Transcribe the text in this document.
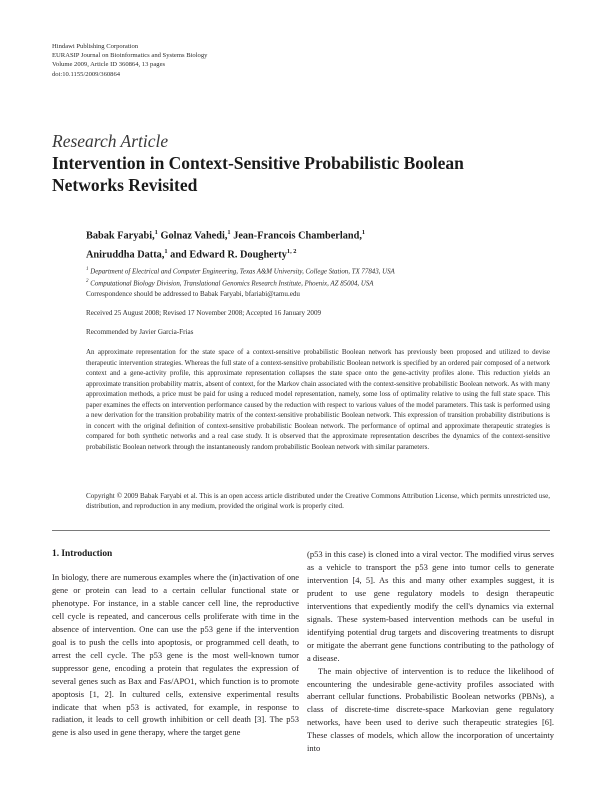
Hindawi Publishing Corporation
EURASIP Journal on Bioinformatics and Systems Biology
Volume 2009, Article ID 360864, 13 pages
doi:10.1155/2009/360864
Research Article
Intervention in Context-Sensitive Probabilistic Boolean Networks Revisited
Babak Faryabi,$^1$ Golnaz Vahedi,$^1$ Jean-Francois Chamberland,$^1$
Aniruddha Datta,$^1$ and Edward R. Dougherty$^{1, 2}$
$^1$ Department of Electrical and Computer Engineering, Texas A&M University, College Station, TX 77843, USA
$^2$ Computational Biology Division, Translational Genomics Research Institute, Phoenix, AZ 85004, USA
Correspondence should be addressed to Babak Faryabi, bfariabi@tamu.edu
Received 25 August 2008; Revised 17 November 2008; Accepted 16 January 2009
Recommended by Javier Garcia-Frias
An approximate representation for the state space of a context-sensitive probabilistic Boolean network has previously been proposed and utilized to devise therapeutic intervention strategies. Whereas the full state of a context-sensitive probabilistic Boolean network is specified by an ordered pair composed of a network context and a gene-activity profile, this approximate representation collapses the state space onto the gene-activity profiles alone. This reduction yields an approximate transition probability matrix, absent of context, for the Markov chain associated with the context-sensitive probabilistic Boolean network. As with many approximation methods, a price must be paid for using a reduced model representation, namely, some loss of optimality relative to using the full state space. This paper examines the effects on intervention performance caused by the reduction with respect to various values of the model parameters. This task is performed using a new derivation for the transition probability matrix of the context-sensitive probabilistic Boolean network. This expression of transition probability distributions is in concert with the original definition of context-sensitive probabilistic Boolean network. The performance of optimal and approximate therapeutic strategies is compared for both synthetic networks and a real case study. It is observed that the approximate representation describes the dynamics of the context-sensitive probabilistic Boolean network through the instantaneously random probabilistic Boolean network with similar parameters.
Copyright © 2009 Babak Faryabi et al. This is an open access article distributed under the Creative Commons Attribution License, which permits unrestricted use, distribution, and reproduction in any medium, provided the original work is properly cited.
1. Introduction

In biology, there are numerous examples where the (in)activation of one gene or protein can lead to a certain cellular functional state or phenotype. For instance, in a stable cancer cell line, the reproductive cell cycle is repeated, and cancerous cells proliferate with time in the absence of intervention. One can use the p53 gene if the intervention goal is to push the cells into apoptosis, or programmed cell death, to arrest the cell cycle. The p53 gene is the most well-known tumor suppressor gene, encoding a protein that regulates the expression of several genes such as Bax and Fas/APO1, which function is to promote apoptosis [1, 2]. In cultured cells, extensive experimental results indicate that when p53 is activated, for example, in response to radiation, it leads to cell growth inhibition or cell death [3]. The p53 gene is also used in gene therapy, where the target gene

(p53 in this case) is cloned into a viral vector. The modified virus serves as a vehicle to transport the p53 gene into tumor cells to generate intervention [4, 5]. As this and many other examples suggest, it is prudent to use gene regulatory models to design therapeutic interventions that expediently modify the cell's dynamics via external signals. These system-based intervention methods can be useful in identifying potential drug targets and discovering treatments to disrupt or mitigate the aberrant gene functions contributing to the pathology of a disease.

The main objective of intervention is to reduce the likelihood of encountering the undesirable gene-activity profiles associated with aberrant cellular functions. Probabilistic Boolean networks (PBNs), a class of discrete-time discrete-space Markovian gene regulatory networks, have been used to derive such therapeutic strategies [6]. These classes of models, which allow the incorporation of uncertainty into
